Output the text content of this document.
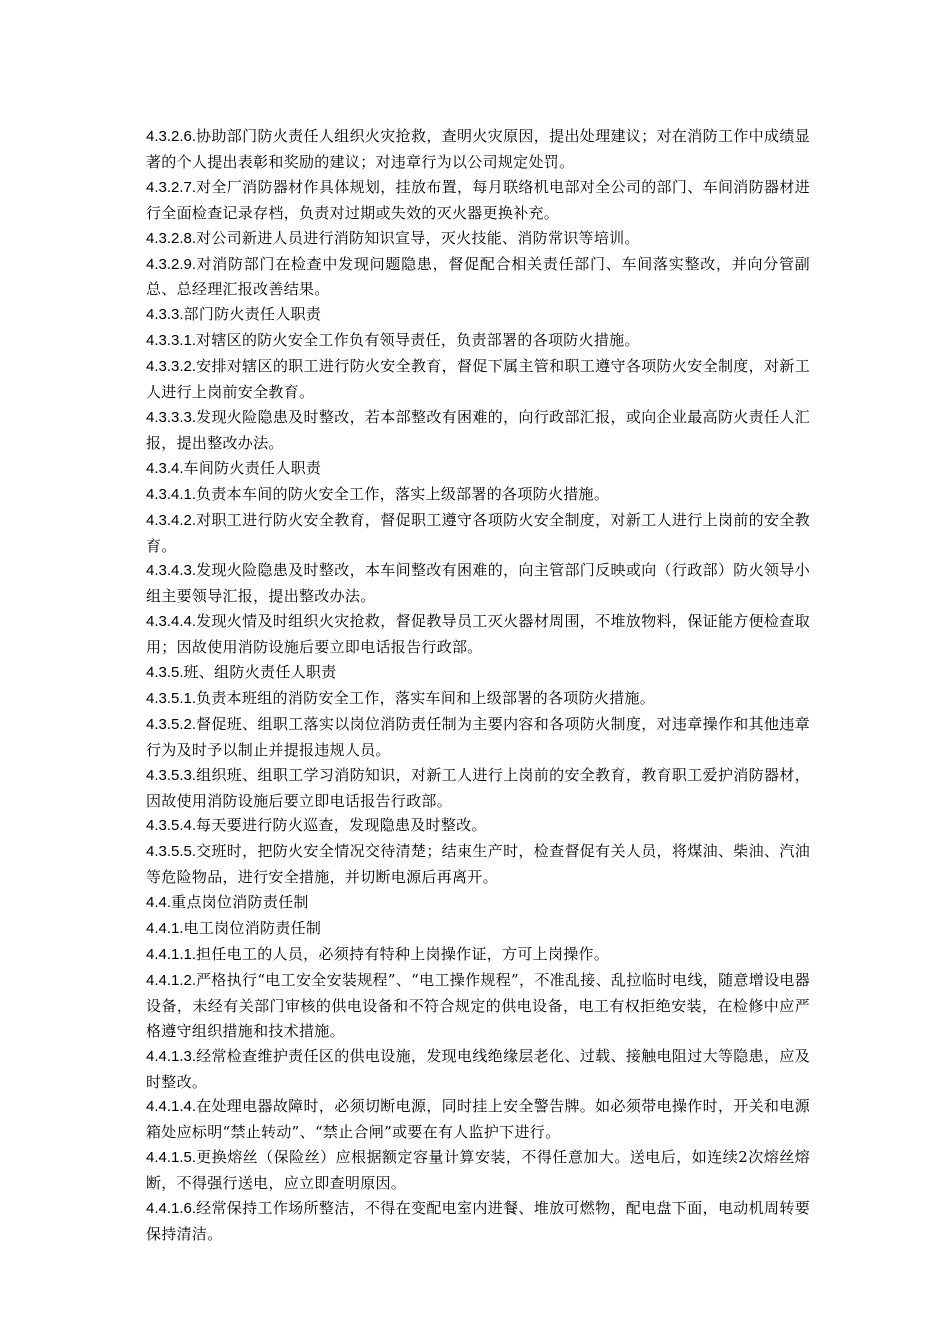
4.3.2.6.协助部门防火责任人组织火灾抢救，查明火灾原因，提出处理建议；对在消防工作中成绩显著的个人提出表彰和奖励的建议；对违章行为以公司规定处罚。

4.3.2.7.对全厂消防器材作具体规划，挂放布置，每月联络机电部对全公司的部门、车间消防器材进行全面检查记录存档，负责对过期或失效的灭火器更换补充。

4.3.2.8.对公司新进人员进行消防知识宣导，灭火技能、消防常识等培训。

4.3.2.9.对消防部门在检查中发现问题隐患，督促配合相关责任部门、车间落实整改，并向分管副总、总经理汇报改善结果。

4.3.3.部门防火责任人职责

4.3.3.1.对辖区的防火安全工作负有领导责任，负责部署的各项防火措施。

4.3.3.2.安排对辖区的职工进行防火安全教育，督促下属主管和职工遵守各项防火安全制度，对新工人进行上岗前安全教育。

4.3.3.3.发现火险隐患及时整改，若本部整改有困难的，向行政部汇报，或向企业最高防火责任人汇报，提出整改办法。

4.3.4.车间防火责任人职责

4.3.4.1.负责本车间的防火安全工作，落实上级部署的各项防火措施。

4.3.4.2.对职工进行防火安全教育，督促职工遵守各项防火安全制度，对新工人进行上岗前的安全教育。

4.3.4.3.发现火险隐患及时整改，本车间整改有困难的，向主管部门反映或向（行政部）防火领导小组主要领导汇报，提出整改办法。

4.3.4.4.发现火情及时组织火灾抢救，督促教导员工灭火器材周围，不堆放物料，保证能方便检查取用；因故使用消防设施后要立即电话报告行政部。

4.3.5.班、组防火责任人职责

4.3.5.1.负责本班组的消防安全工作，落实车间和上级部署的各项防火措施。

4.3.5.2.督促班、组职工落实以岗位消防责任制为主要内容和各项防火制度，对违章操作和其他违章行为及时予以制止并提报违规人员。

4.3.5.3.组织班、组职工学习消防知识，对新工人进行上岗前的安全教育，教育职工爱护消防器材，因故使用消防设施后要立即电话报告行政部。

4.3.5.4.每天要进行防火巡查，发现隐患及时整改。

4.3.5.5.交班时，把防火安全情况交待清楚；结束生产时，检查督促有关人员，将煤油、柴油、汽油等危险物品，进行安全措施，并切断电源后再离开。

4.4.重点岗位消防责任制

4.4.1.电工岗位消防责任制

4.4.1.1.担任电工的人员，必须持有特种上岗操作证，方可上岗操作。

4.4.1.2.严格执行“电工安全安装规程”、“电工操作规程”，不准乱接、乱拉临时电线，随意增设电器设备，未经有关部门审核的供电设备和不符合规定的供电设备，电工有权拒绝安装，在检修中应严格遵守组织措施和技术措施。

4.4.1.3.经常检查维护责任区的供电设施，发现电线绝缘层老化、过载、接触电阻过大等隐患，应及时整改。

4.4.1.4.在处理电器故障时，必须切断电源，同时挂上安全警告牌。如必须带电操作时，开关和电源箱处应标明“禁止转动”、“禁止合闸”或要在有人监护下进行。

4.4.1.5.更换熔丝（保险丝）应根据额定容量计算安装，不得任意加大。送电后，如连续2次熔丝熔断，不得强行送电，应立即查明原因。

4.4.1.6.经常保持工作场所整洁，不得在变配电室内进餐、堆放可燃物，配电盘下面，电动机周转要保持清洁。
